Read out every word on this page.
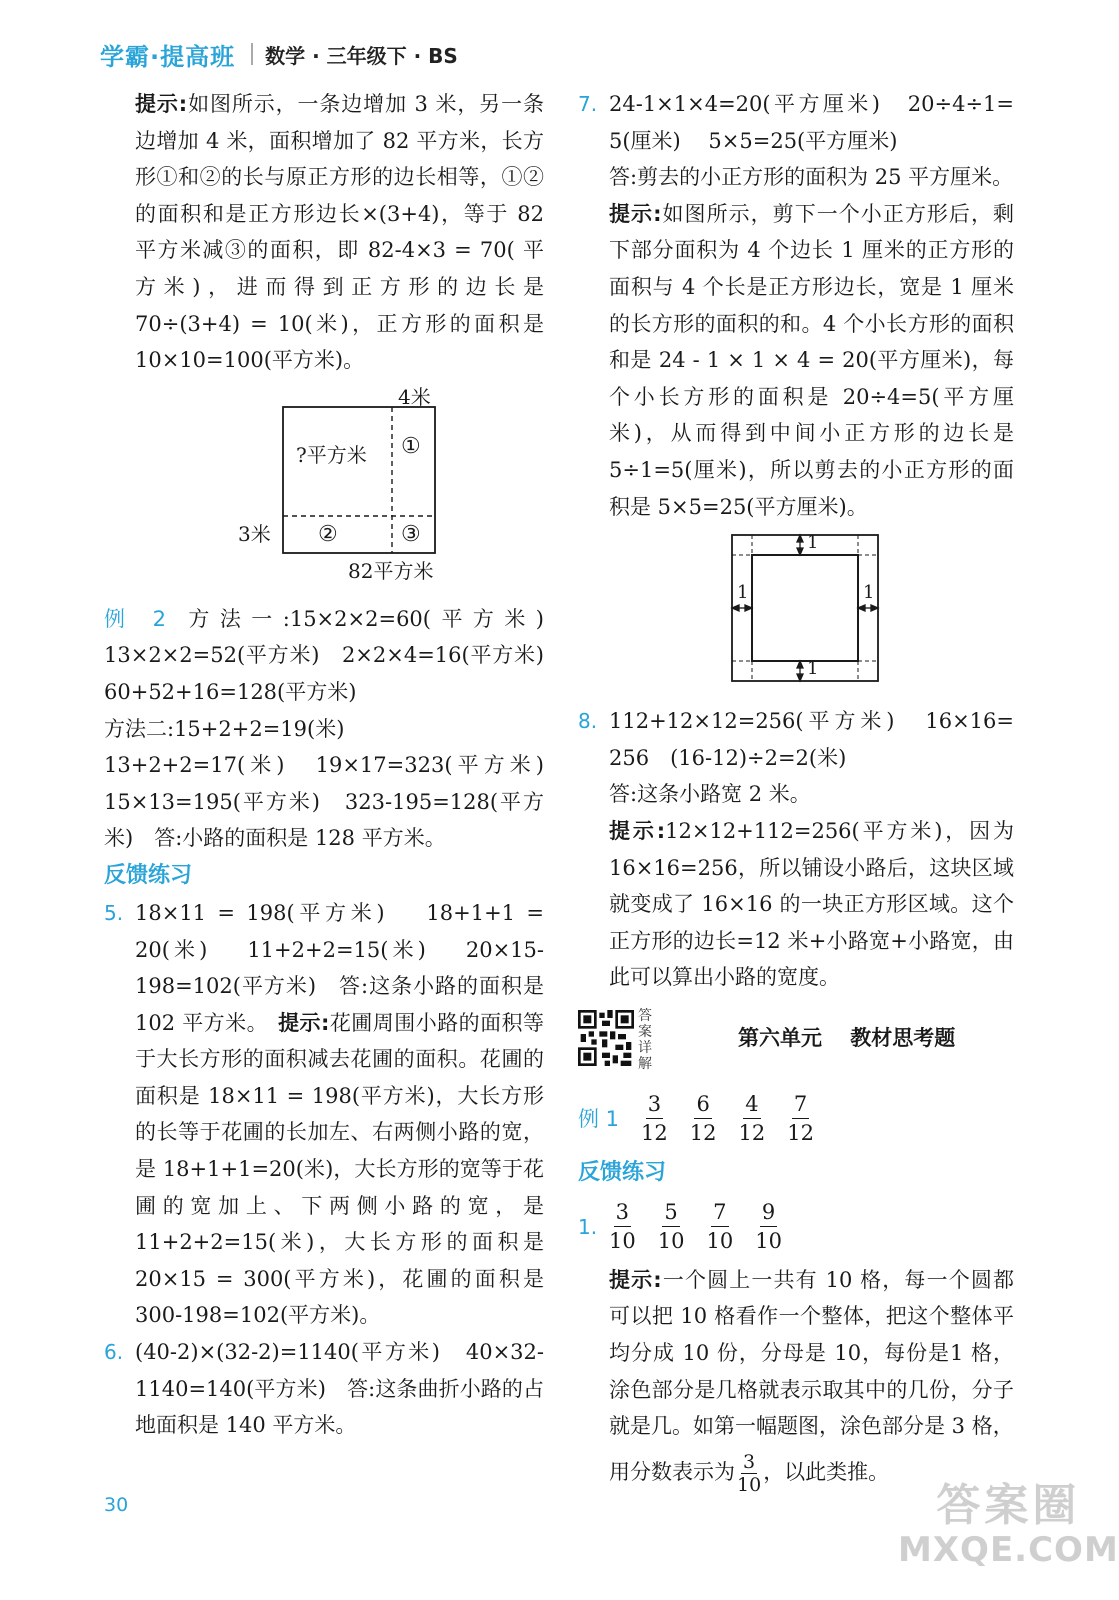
学霸·提高班 数学 · 三年级下 · BS

提示:如图所示，一条边增加 3 米，另一条边增加 4 米，面积增加了 82 平方米，长方形①和②的长与原正方形的边长相等，①②的面积和是正方形边长×(3+4)，等于 82 平方米减③的面积，即 82-4×3 = 70( 平方米)，进而得到正方形的边长是 70÷(3+4) = 10(米)，正方形的面积是 10×10=100(平方米)。

4米
?平方米 ①
②	③
3米
82平方米

例 2 方法一:15×2×2=60(平方米)　13×2×2=52(平方米)　2×2×4=16(平方米)　60+52+16=128(平方米)

方法二:15+2+2=19(米)

13+2+2=17(米)　19×17=323(平方米)　15×13=195(平方米)　323-195=128(平方米)　答:小路的面积是 128 平方米。

反馈练习

5. 18×11 = 198(平方米)　 18+1+1 = 20(米)　 11+2+2=15(米)　 20×15-198=102(平方米)　答:这条小路的面积是 102 平方米。 提示:花圃周围小路的面积等于大长方形的面积减去花圃的面积。花圃的面积是 18×11 = 198(平方米)，大长方形的长等于花圃的长加左、右两侧小路的宽，是 18+1+1=20(米)，大长方形的宽等于花圃的宽加上、下两侧小路的宽，是 11+2+2=15(米)，大长方形的面积是 20×15 = 300(平方米)，花圃的面积是 300-198=102(平方米)。

6. (40-2)×(32-2)=1140(平方米)　40×32-1140=140(平方米)　答:这条曲折小路的占地面积是 140 平方米。

7. 24-1×1×4=20(平方厘米)　20÷4÷1= 5(厘米)　 5×5=25(平方厘米)

答:剪去的小正方形的面积为 25 平方厘米。

提示:如图所示，剪下一个小正方形后，剩下部分面积为 4 个边长 1 厘米的正方形的面积与 4 个长是正方形边长，宽是 1 厘米的长方形的面积的和。4 个小长方形的面积和是 24 - 1 × 1 × 4 = 20(平方厘米)，每个小长方形的面积是 20÷4=5(平方厘米)，从而得到中间小正方形的边长是 5÷1=5(厘米)，所以剪去的小正方形的面积是 5×5=25(平方厘米)。

1
1
1	1

8. 112+12×12=256(平方米)　16×16= 256　(16-12)÷2=2(米)

答:这条小路宽 2 米。

提示:12×12+112=256(平方米)，因为 16×16=256，所以铺设小路后，这块区域就变成了 16×16 的一块正方形区域。这个正方形的边长=12 米+小路宽+小路宽，由此可以算出小路的宽度。

答案详解
第六单元　 教材思考题
例 1
3
12
6
12
4
12
7
12

反馈练习

1.
3
10
5
10
7
10
9
10

提示:一个圆上一共有 10 格，每一个圆都可以把 10 格看作一个整体，把这个整体平均分成 10 份，分母是 10，每份是1 格，涂色部分是几格就表示取其中的几份，分子就是几。如第一幅题图，涂色部分是 3 格，

用分数表示为 $\frac{3}{10}$ ，以此类推。

30	答案圈
MXQE.COM
